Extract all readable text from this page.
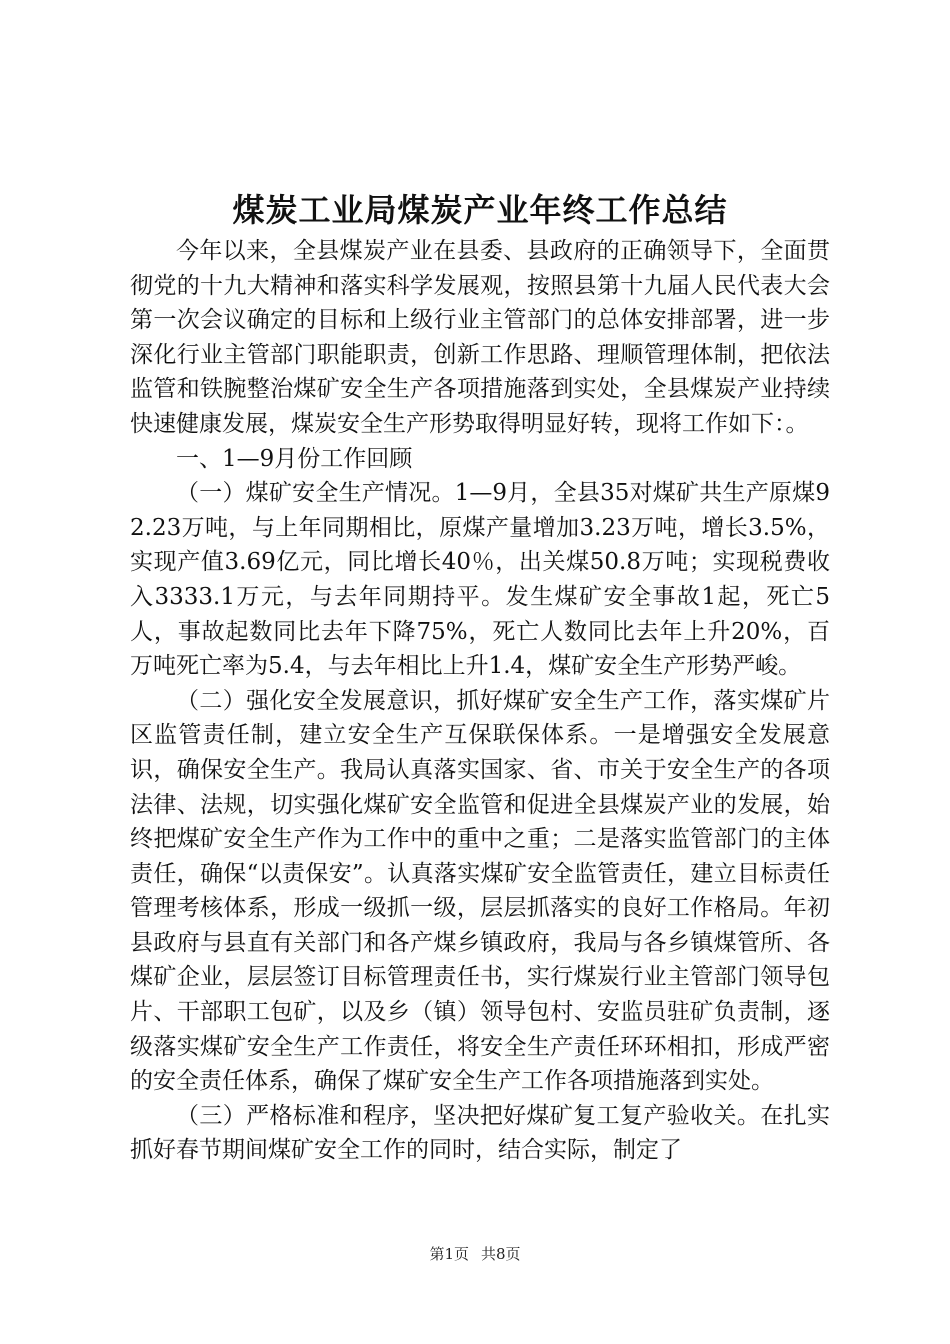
煤炭工业局煤炭产业年终工作总结

今年以来，全县煤炭产业在县委、县政府的正确领导下，全面贯彻党的十九大精神和落实科学发展观，按照县第十九届人民代表大会第一次会议确定的目标和上级行业主管部门的总体安排部署，进一步深化行业主管部门职能职责，创新工作思路、理顺管理体制，把依法监管和铁腕整治煤矿安全生产各项措施落到实处，全县煤炭产业持续快速健康发展，煤炭安全生产形势取得明显好转，现将工作如下：。

一、1—9月份工作回顾

（一）煤矿安全生产情况。1—9月，全县35对煤矿共生产原煤92.23万吨，与上年同期相比，原煤产量增加3.23万吨，增长3.5%，实现产值3.69亿元，同比增长40％，出关煤50.8万吨；实现税费收入3333.1万元，与去年同期持平。发生煤矿安全事故1起，死亡5人，事故起数同比去年下降75%，死亡人数同比去年上升20%，百万吨死亡率为5.4，与去年相比上升1.4，煤矿安全生产形势严峻。

（二）强化安全发展意识，抓好煤矿安全生产工作，落实煤矿片区监管责任制，建立安全生产互保联保体系。一是增强安全发展意识，确保安全生产。我局认真落实国家、省、市关于安全生产的各项法律、法规，切实强化煤矿安全监管和促进全县煤炭产业的发展，始终把煤矿安全生产作为工作中的重中之重；二是落实监管部门的主体责任，确保“以责保安”。认真落实煤矿安全监管责任，建立目标责任管理考核体系，形成一级抓一级，层层抓落实的良好工作格局。年初县政府与县直有关部门和各产煤乡镇政府，我局与各乡镇煤管所、各煤矿企业，层层签订目标管理责任书，实行煤炭行业主管部门领导包片、干部职工包矿，以及乡（镇）领导包村、安监员驻矿负责制，逐级落实煤矿安全生产工作责任，将安全生产责任环环相扣，形成严密的安全责任体系，确保了煤矿安全生产工作各项措施落到实处。

（三）严格标准和程序，坚决把好煤矿复工复产验收关。在扎实抓好春节期间煤矿安全工作的同时，结合实际，制定了

第1页 共8页
